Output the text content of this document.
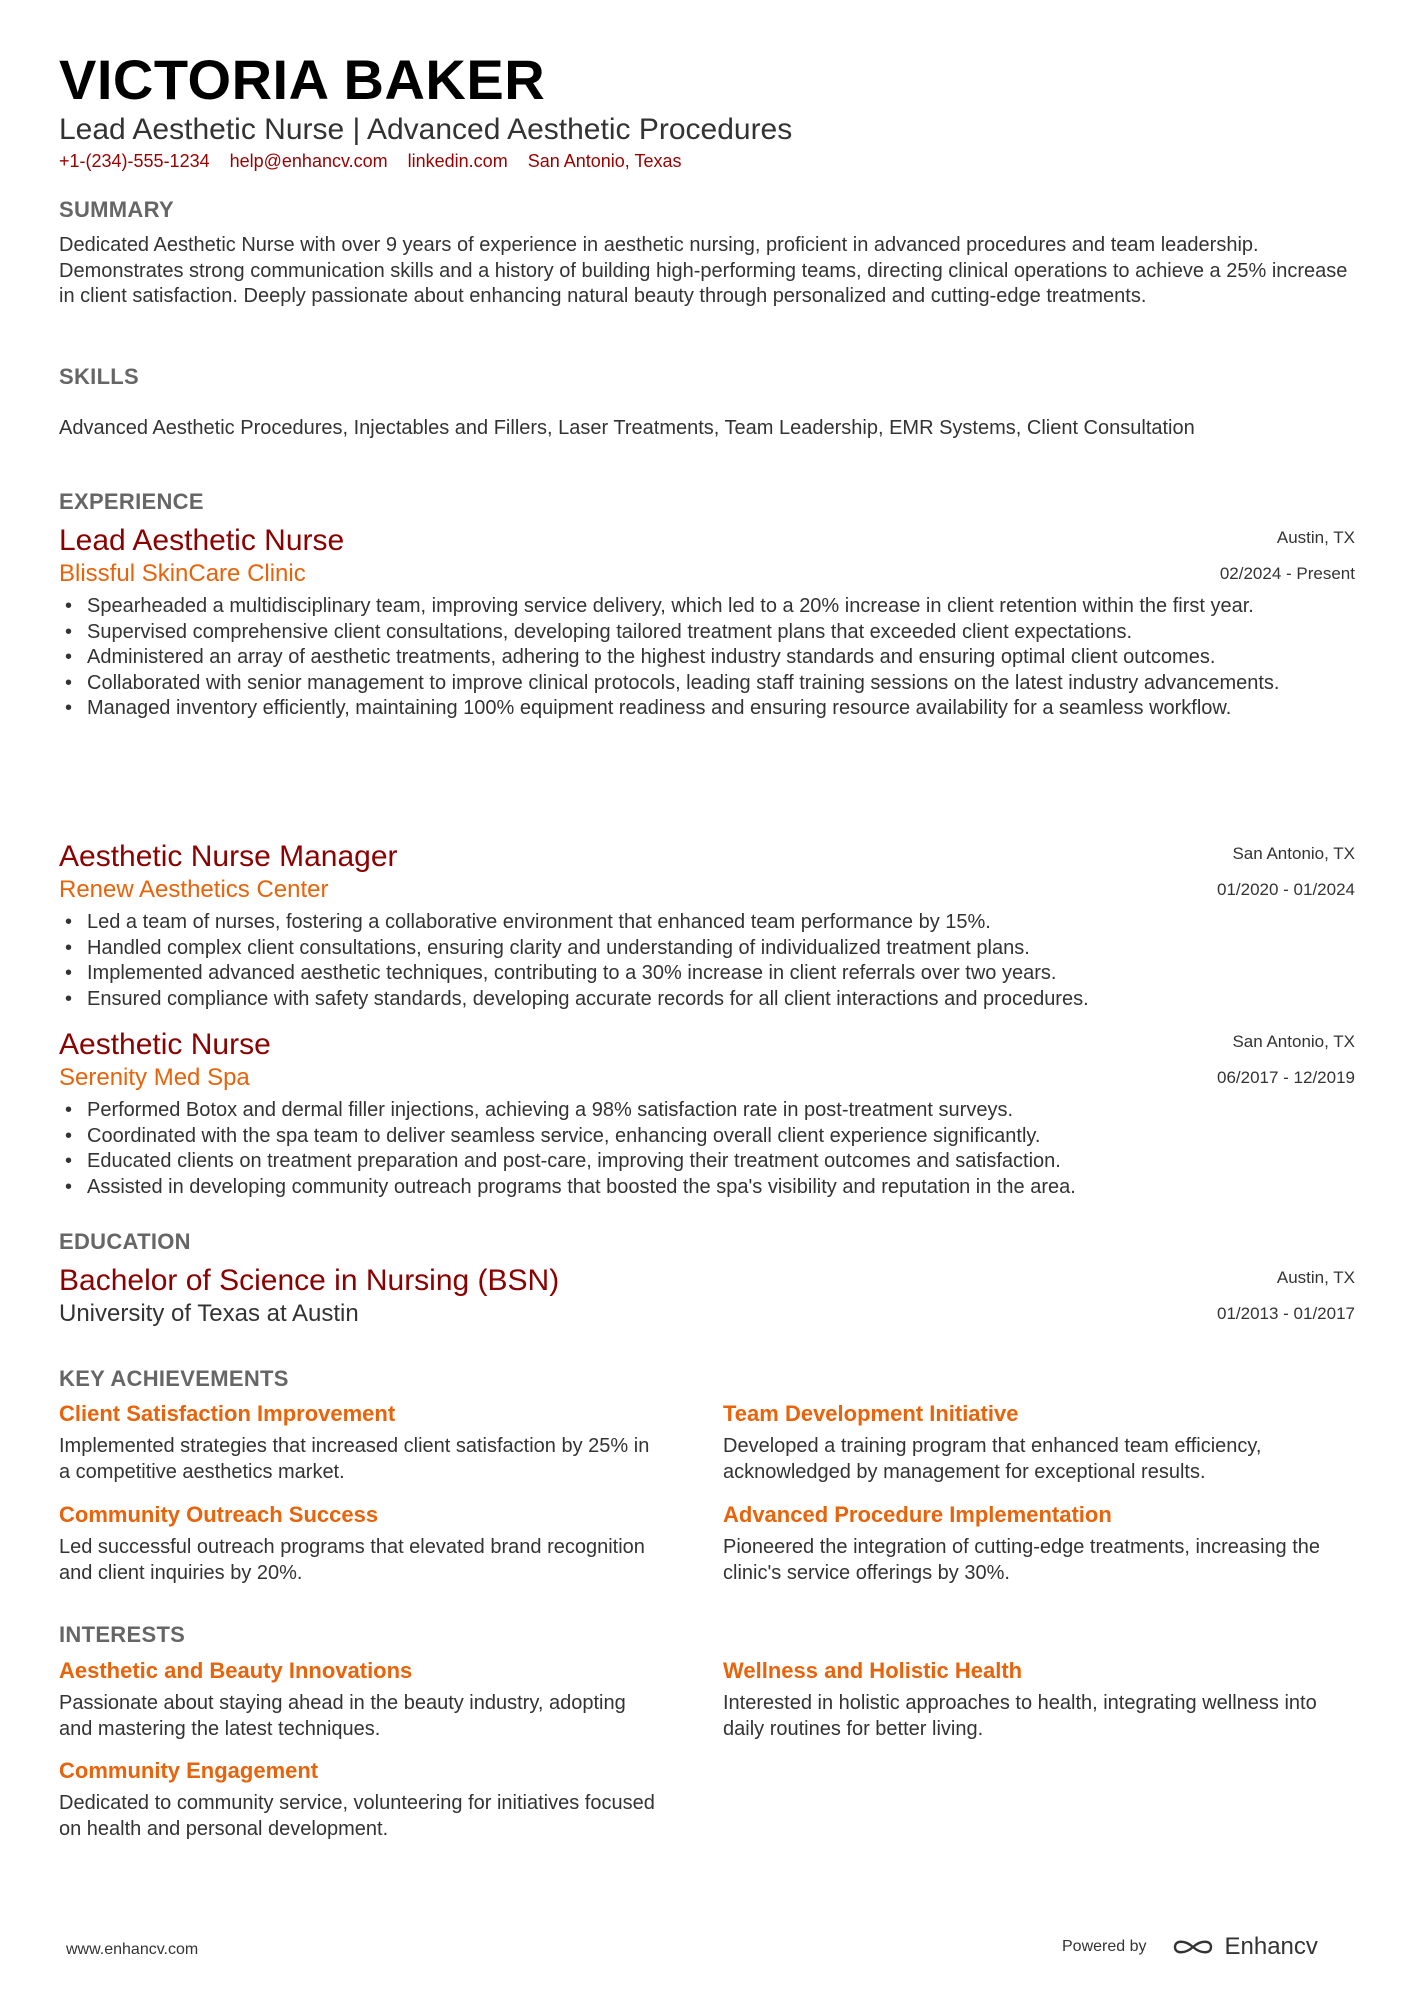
VICTORIA BAKER
Lead Aesthetic Nurse | Advanced Aesthetic Procedures
+1-(234)-555-1234 help@enhancv.com linkedin.com San Antonio, Texas
SUMMARY
Dedicated Aesthetic Nurse with over 9 years of experience in aesthetic nursing, proficient in advanced procedures and team leadership. Demonstrates strong communication skills and a history of building high-performing teams, directing clinical operations to achieve a 25% increase in client satisfaction. Deeply passionate about enhancing natural beauty through personalized and cutting-edge treatments.
SKILLS
Advanced Aesthetic Procedures, Injectables and Fillers, Laser Treatments, Team Leadership, EMR Systems, Client Consultation
EXPERIENCE
Lead Aesthetic Nurse
Blissful SkinCare Clinic
Austin, TX
02/2024 - Present
• Spearheaded a multidisciplinary team, improving service delivery, which led to a 20% increase in client retention within the first year.
• Supervised comprehensive client consultations, developing tailored treatment plans that exceeded client expectations.
• Administered an array of aesthetic treatments, adhering to the highest industry standards and ensuring optimal client outcomes.
• Collaborated with senior management to improve clinical protocols, leading staff training sessions on the latest industry advancements.
• Managed inventory efficiently, maintaining 100% equipment readiness and ensuring resource availability for a seamless workflow.
Aesthetic Nurse Manager
Renew Aesthetics Center
San Antonio, TX
01/2020 - 01/2024
• Led a team of nurses, fostering a collaborative environment that enhanced team performance by 15%.
• Handled complex client consultations, ensuring clarity and understanding of individualized treatment plans.
• Implemented advanced aesthetic techniques, contributing to a 30% increase in client referrals over two years.
• Ensured compliance with safety standards, developing accurate records for all client interactions and procedures.
Aesthetic Nurse
Serenity Med Spa
San Antonio, TX
06/2017 - 12/2019
• Performed Botox and dermal filler injections, achieving a 98% satisfaction rate in post-treatment surveys.
• Coordinated with the spa team to deliver seamless service, enhancing overall client experience significantly.
• Educated clients on treatment preparation and post-care, improving their treatment outcomes and satisfaction.
• Assisted in developing community outreach programs that boosted the spa's visibility and reputation in the area.
EDUCATION
Bachelor of Science in Nursing (BSN)
University of Texas at Austin
Austin, TX
01/2013 - 01/2017
KEY ACHIEVEMENTS
Client Satisfaction Improvement
Implemented strategies that increased client satisfaction by 25% in a competitive aesthetics market.
Team Development Initiative
Developed a training program that enhanced team efficiency, acknowledged by management for exceptional results.
Community Outreach Success
Led successful outreach programs that elevated brand recognition and client inquiries by 20%.
Advanced Procedure Implementation
Pioneered the integration of cutting-edge treatments, increasing the clinic's service offerings by 30%.
INTERESTS
Aesthetic and Beauty Innovations
Passionate about staying ahead in the beauty industry, adopting and mastering the latest techniques.
Wellness and Holistic Health
Interested in holistic approaches to health, integrating wellness into daily routines for better living.
Community Engagement
Dedicated to community service, volunteering for initiatives focused on health and personal development.
www.enhancv.com	Powered by	Enhancv
